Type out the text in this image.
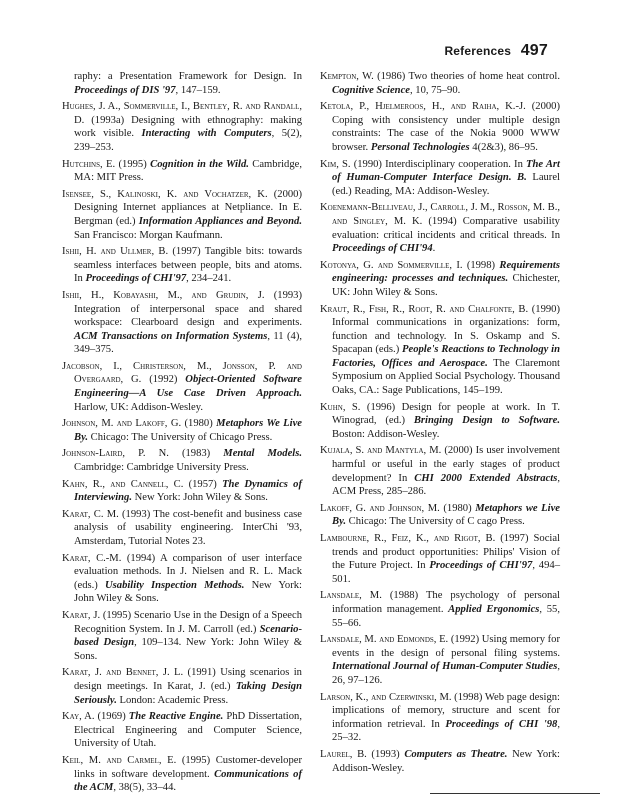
References 497

raphy: a Presentation Framework for Design. In Proceedings of DIS '97, 147–159.

Hughes, J. A., Sommerville, I., Bentley, R. and Randall, D. (1993a) Designing with ethnography: making work visible. Interacting with Computers, 5(2), 239–253.

Hutchins, E. (1995) Cognition in the Wild. Cambridge, MA: MIT Press.

Isensee, S., Kalinoski, K. and Vochatzer, K. (2000) Designing Internet appliances at Netpliance. In E. Bergman (ed.) Information Appliances and Beyond. San Francisco: Morgan Kaufmann.

Ishii, H. and Ullmer, B. (1997) Tangible bits: towards seamless interfaces between people, bits and atoms. In Proceedings of CHI'97, 234–241.

Ishii, H., Kobayashi, M., and Grudin, J. (1993) Integration of interpersonal space and shared workspace: Clearboard design and experiments. ACM Transactions on Information Systems, 11 (4), 349–375.

Jacobson, I., Christerson, M., Jonsson, P. and Overgaard, G. (1992) Object-Oriented Software Engineering—A Use Case Driven Approach. Harlow, UK: Addison-Wesley.

Johnson, M. and Lakoff, G. (1980) Metaphors We Live By. Chicago: The University of Chicago Press.

Johnson-Laird, P. N. (1983) Mental Models. Cambridge: Cambridge University Press.

Kahn, R., and Cannell, C. (1957) The Dynamics of Interviewing. New York: John Wiley & Sons.

Karat, C. M. (1993) The cost-benefit and business case analysis of usability engineering. InterChi '93, Amsterdam, Tutorial Notes 23.

Karat, C.-M. (1994) A comparison of user interface evaluation methods. In J. Nielsen and R. L. Mack (eds.) Usability Inspection Methods. New York: John Wiley & Sons.

Karat, J. (1995) Scenario Use in the Design of a Speech Recognition System. In J. M. Carroll (ed.) Scenario-based Design, 109–134. New York: John Wiley & Sons.

Karat, J. and Bennet, J. L. (1991) Using scenarios in design meetings. In Karat, J. (ed.) Taking Design Seriously. London: Academic Press.

Kay, A. (1969) The Reactive Engine. PhD Dissertation, Electrical Engineering and Computer Science, University of Utah.

Keil, M. and Carmel, E. (1995) Customer-developer links in software development. Communications of the ACM, 38(5), 33–44.

Kempton, W. (1986) Two theories of home heat control. Cognitive Science, 10, 75–90.

Ketola, P., Hjelmeroos, H., and Raiha, K.-J. (2000) Coping with consistency under multiple design constraints: The case of the Nokia 9000 WWW browser. Personal Technologies 4(2&3), 86–95.

Kim, S. (1990) Interdisciplinary cooperation. In The Art of Human-Computer Interface Design. B. Laurel (ed.) Reading, MA: Addison-Wesley.

Koenemann-Belliveau, J., Carroll, J. M., Rosson, M. B., and Singley, M. K. (1994) Comparative usability evaluation: critical incidents and critical threads. In Proceedings of CHI'94.

Kotonya, G. and Sommerville, I. (1998) Requirements engineering: processes and techniques. Chichester, UK: John Wiley & Sons.

Kraut, R., Fish, R., Root, R. and Chalfonte, B. (1990) Informal communications in organizations: form, function and technology. In S. Oskamp and S. Spacapan (eds.) People's Reactions to Technology in Factories, Offices and Aerospace. The Claremont Symposium on Applied Social Psychology. Thousand Oaks, CA.: Sage Publications, 145–199.

Kuhn, S. (1996) Design for people at work. In T. Winograd, (ed.) Bringing Design to Software. Boston: Addison-Wesley.

Kujala, S. and Mantyla, M. (2000) Is user involvement harmful or useful in the early stages of product development? In CHI 2000 Extended Abstracts, ACM Press, 285–286.

Lakoff, G. and Johnson, M. (1980) Metaphors we Live By. Chicago: The University of C cago Press.

Lambourne, R., Feiz, K., and Rigot, B. (1997) Social trends and product opportunities: Philips' Vision of the Future Project. In Proceedings of CHI'97, 494–501.

Lansdale, M. (1988) The psychology of personal information management. Applied Ergonomics, 55, 55–66.

Lansdale, M. and Edmonds, E. (1992) Using memory for events in the design of personal filing systems. International Journal of Human-Computer Studies, 26, 97–126.

Larson, K., and Czerwinski, M. (1998) Web page design: implications of memory, structure and scent for information retrieval. In Proceedings of CHI '98, 25–32.

Laurel, B. (1993) Computers as Theatre. New York: Addison-Wesley.
